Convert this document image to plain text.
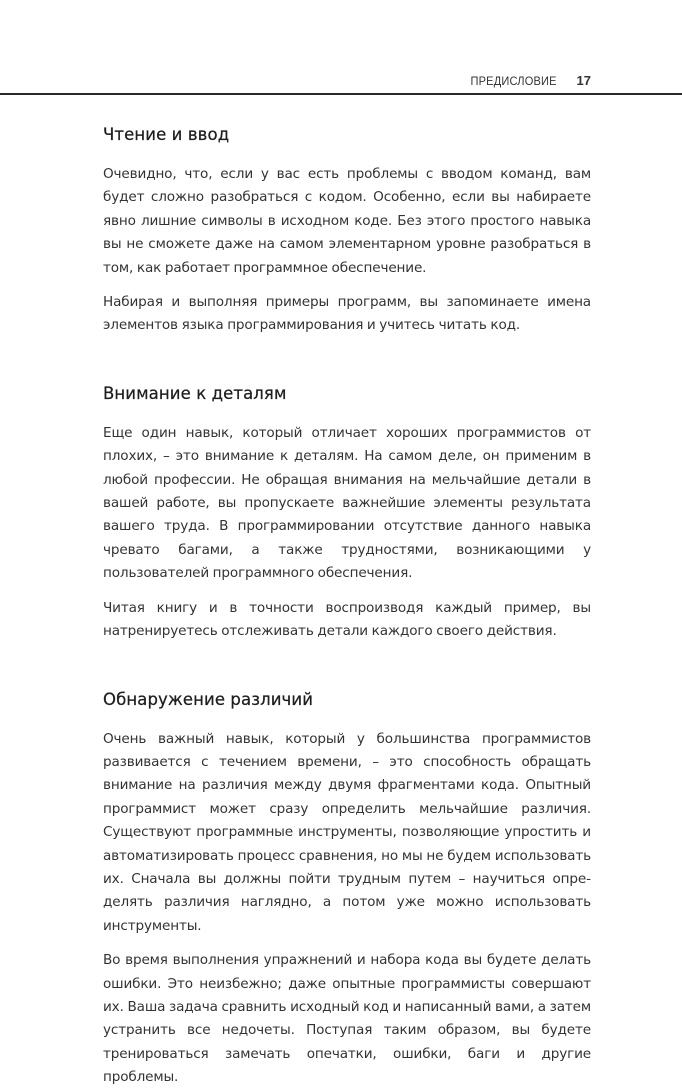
ПРЕДИСЛОВИЕ 17
Чтение и ввод

Очевидно, что, если у вас есть проблемы с вводом команд, вам будет сложно разобраться с кодом. Особенно, если вы набираете явно лишние символы в исходном коде. Без этого простого навыка вы не сможете даже на самом элементарном уровне разобраться в том, как работает программное обеспечение.

Набирая и выполняя примеры программ, вы запоминаете имена элементов языка программирования и учитесь читать код.

Внимание к деталям

Еще один навык, который отличает хороших программистов от плохих, – это внимание к деталям. На самом деле, он применим в любой профессии. Не обращая внимания на мельчайшие детали в вашей работе, вы пропускаете важнейшие элементы результата вашего труда. В программировании отсутствие данного навыка чревато багами, а также трудностями, возникающими у пользователей программного обеспечения.

Читая книгу и в точности воспроизводя каждый пример, вы натренируетесь отслеживать детали каждого своего действия.

Обнаружение различий

Очень важный навык, который у большинства программистов развивается с течением времени, – это способность обращать внимание на различия между двумя фрагментами кода. Опытный программист может сразу определить мельчайшие различия. Существуют программные инструменты, позволяющие упростить и автоматизировать процесс сравнения, но мы не будем использовать их. Сначала вы должны пойти трудным путем – научиться определять различия наглядно, а потом уже можно использовать инструменты.

Во время выполнения упражнений и набора кода вы будете делать ошибки. Это неизбежно; даже опытные программисты совершают их. Ваша задача сравнить исходный код и написанный вами, а затем устранить все недочеты. Поступая таким образом, вы будете тренироваться замечать опечатки, ошибки, баги и другие проблемы.
